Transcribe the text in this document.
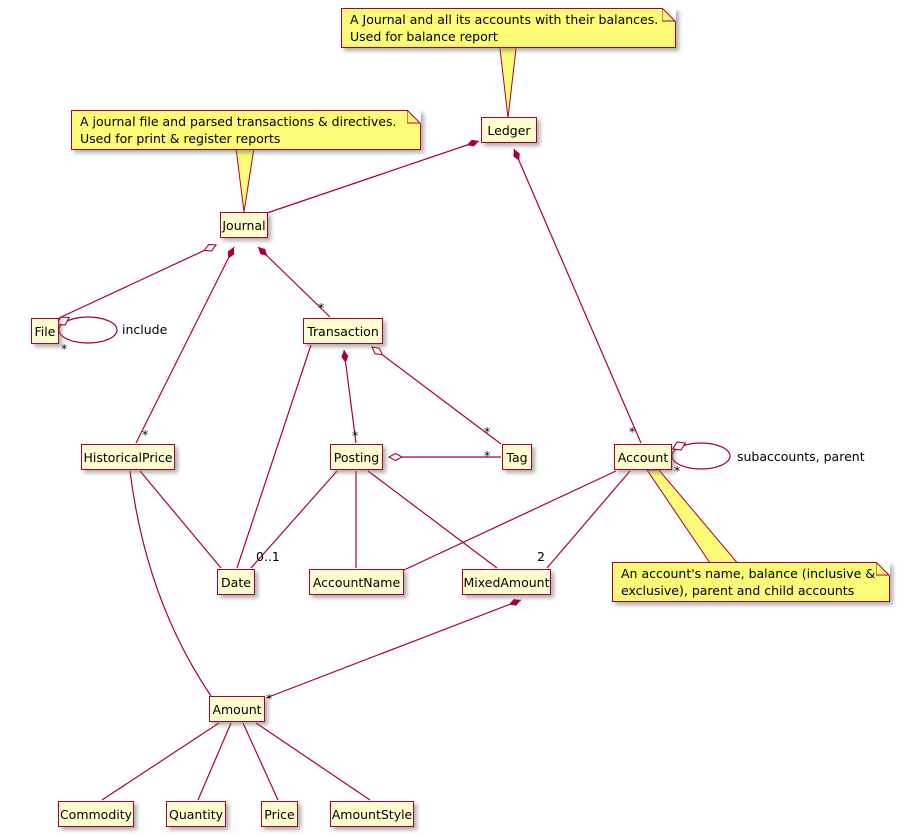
include
*
*
*
*
*	*
*
0..1	2
*
subaccounts, parent
*
A Journal and all its accounts with their balances.
Used for balance report
A journal file and parsed transactions & directives.
Used for print & register reports
An account's name, balance (inclusive &
exclusive), parent and child accounts
Ledger
Journal
File	Transaction
HistoricalPrice	Posting	Tag	Account
Date	AccountName	MixedAmount
Amount
Commodity	Quantity	Price	AmountStyle
